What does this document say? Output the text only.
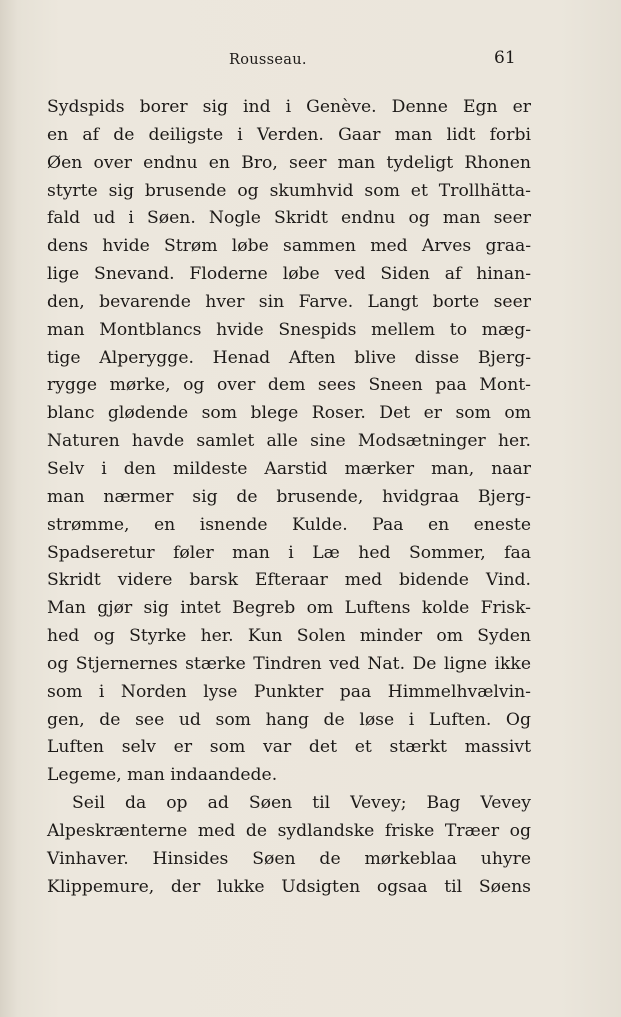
Rousseau.	61
Sydspids borer sig ind i Genève. Denne Egn er
en af de deiligste i Verden. Gaar man lidt forbi
Øen over endnu en Bro, seer man tydeligt Rhonen
styrte sig brusende og skumhvid som et Trollhätta-
fald ud i Søen. Nogle Skridt endnu og man seer
dens hvide Strøm løbe sammen med Arves graa-
lige Snevand. Floderne løbe ved Siden af hinan-
den, bevarende hver sin Farve. Langt borte seer
man Montblancs hvide Snespids mellem to mæg-
tige Alperygge. Henad Aften blive disse Bjerg-
rygge mørke, og over dem sees Sneen paa Mont-
blanc glødende som blege Roser. Det er som om
Naturen havde samlet alle sine Modsætninger her.
Selv i den mildeste Aarstid mærker man, naar
man nærmer sig de brusende, hvidgraa Bjerg-
strømme, en isnende Kulde. Paa en eneste
Spadseretur føler man i Læ hed Sommer, faa
Skridt videre barsk Efteraar med bidende Vind.
Man gjør sig intet Begreb om Luftens kolde Frisk-
hed og Styrke her. Kun Solen minder om Syden
og Stjernernes stærke Tindren ved Nat. De ligne ikke
som i Norden lyse Punkter paa Himmelhvælvin-
gen, de see ud som hang de løse i Luften. Og
Luften selv er som var det et stærkt massivt
Legeme, man indaandede.
Seil da op ad Søen til Vevey; Bag Vevey
Alpeskrænterne med de sydlandske friske Træer og
Vinhaver. Hinsides Søen de mørkeblaa uhyre
Klippemure, der lukke Udsigten ogsaa til Søens
